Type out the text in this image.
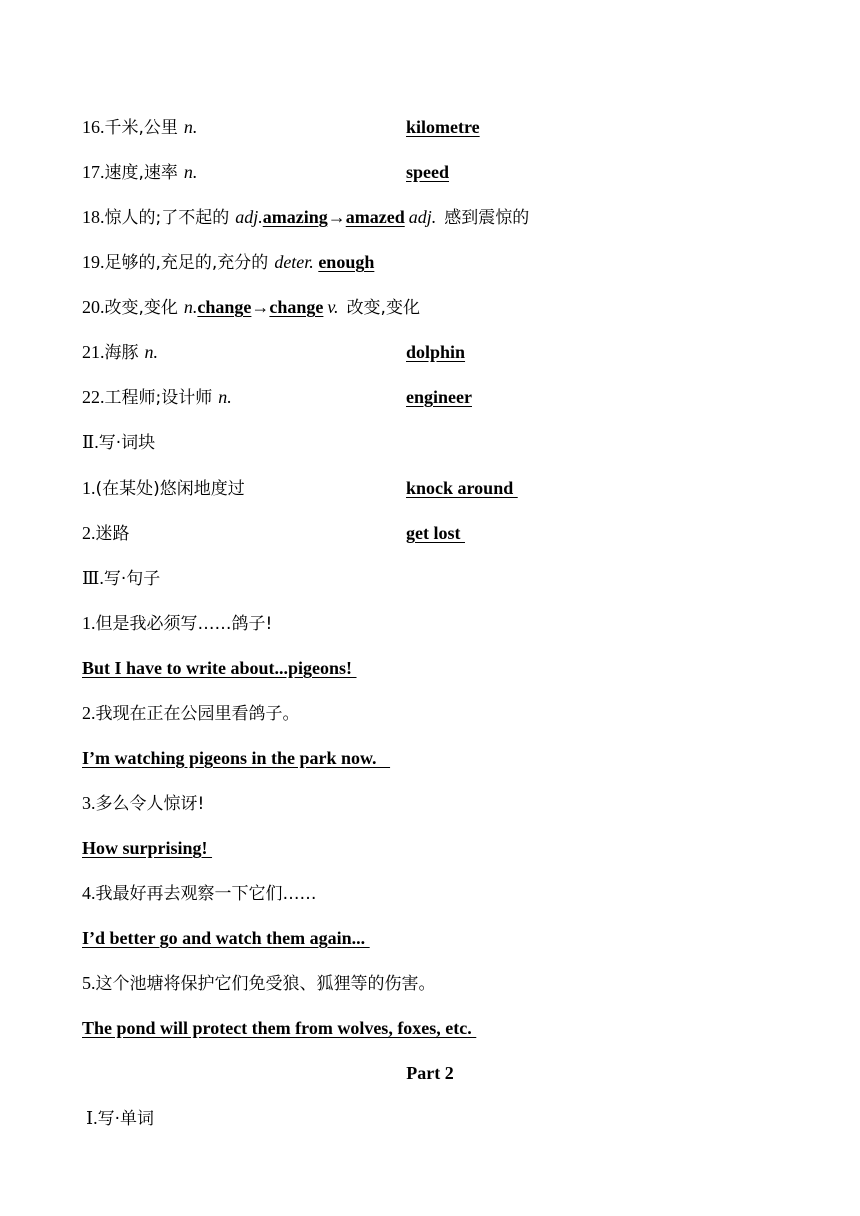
16.千米,公里 n.	kilometre
17.速度,速率 n.	speed
18.惊人的;了不起的 adj.amazing→amazed adj. 感到震惊的
19.足够的,充足的,充分的 deter. enough
20.改变,变化 n.change→change v. 改变,变化
21.海豚 n.	dolphin
22.工程师;设计师 n.	engineer
Ⅱ.写·词块
1.(在某处)悠闲地度过	knock around
2.迷路	get lost
Ⅲ.写·句子
1.但是我必须写……鸽子!
But I have to write about...pigeons!
2.我现在正在公园里看鸽子。
I’m watching pigeons in the park now.
3.多么令人惊讶!
How surprising!
4.我最好再去观察一下它们……
I’d better go and watch them again...
5.这个池塘将保护它们免受狼、狐狸等的伤害。
The pond will protect them from wolves, foxes, etc.
Part 2
Ⅰ.写·单词
